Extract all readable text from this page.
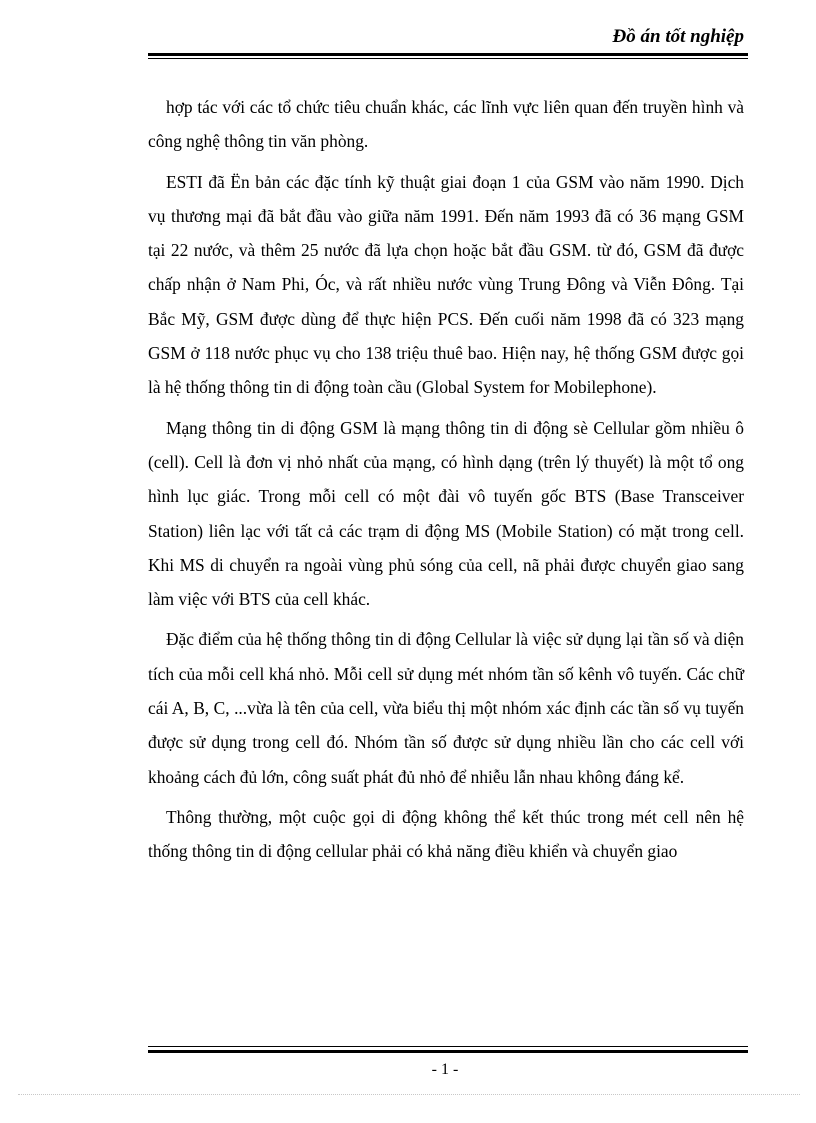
Đồ án tốt nghiệp

hợp tác với các tổ chức tiêu chuẩn khác, các lĩnh vực liên quan đến truyền hình và công nghệ thông tin văn phòng.

ESTI đã Ën bản các đặc tính kỹ thuật giai đoạn 1 của GSM vào năm 1990. Dịch vụ thương mại đã bắt đầu vào giữa năm 1991. Đến năm 1993 đã có 36 mạng GSM tại 22 nước, và thêm 25 nước đã lựa chọn hoặc bắt đầu GSM. từ đó, GSM đã được chấp nhận ở Nam Phi, Óc, và rất nhiều nước vùng Trung Đông và Viễn Đông. Tại Bắc Mỹ, GSM được dùng để thực hiện PCS. Đến cuối năm 1998 đã có 323 mạng GSM ở 118 nước phục vụ cho 138 triệu thuê bao. Hiện nay, hệ thống GSM được gọi là hệ thống thông tin di động toàn cầu (Global System for Mobilephone).

Mạng thông tin di động GSM là mạng thông tin di động sè Cellular gồm nhiều ô (cell). Cell là đơn vị nhỏ nhất của mạng, có hình dạng (trên lý thuyết) là một tổ ong hình lục giác. Trong mỗi cell có một đài vô tuyến gốc BTS (Base Transceiver Station) liên lạc với tất cả các trạm di động MS (Mobile Station) có mặt trong cell. Khi MS di chuyển ra ngoài vùng phủ sóng của cell, nã phải được chuyển giao sang làm việc với BTS của cell khác.

Đặc điểm của hệ thống thông tin di động Cellular là việc sử dụng lại tần số và diện tích của mỗi cell khá nhỏ. Mỗi cell sử dụng mét nhóm tần số kênh vô tuyến. Các chữ cái A, B, C, ...vừa là tên của cell, vừa biểu thị một nhóm xác định các tần số vụ tuyến được sử dụng trong cell đó. Nhóm tần số được sử dụng nhiều lần cho các cell với khoảng cách đủ lớn, công suất phát đủ nhỏ để nhiễu lẫn nhau không đáng kể.

Thông thường, một cuộc gọi di động không thể kết thúc trong mét cell nên hệ thống thông tin di động cellular phải có khả năng điều khiển và chuyển giao

- 1 -
